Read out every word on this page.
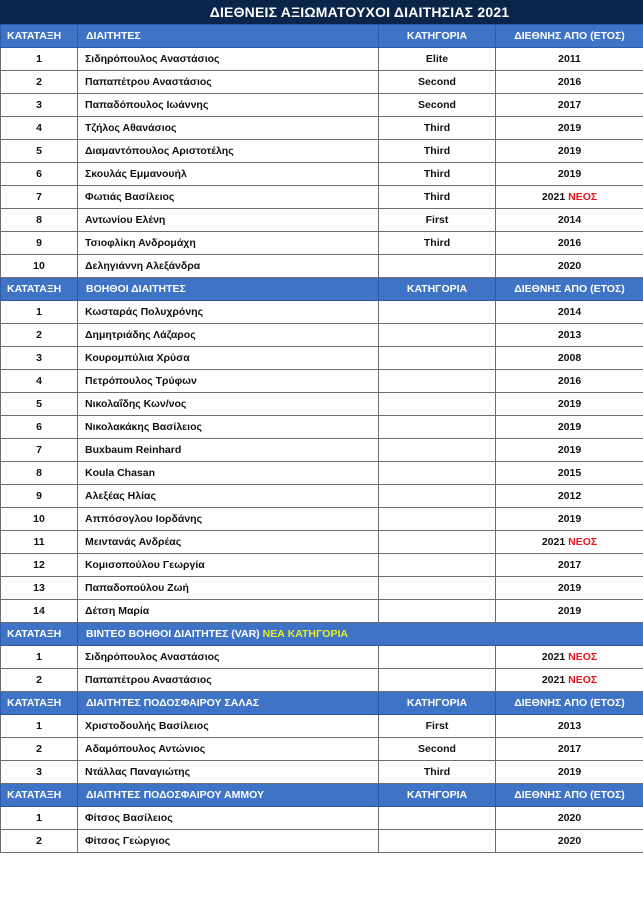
ΔΙΕΘΝΕΙΣ ΑΞΙΩΜΑΤΟΥΧΟΙ ΔΙΑΙΤΗΣΙΑΣ 2021
ΚΑΤΑΤΑΞΗ	ΔΙΑΙΤΗΤΕΣ	ΚΑΤΗΓΟΡΙΑ	ΔΙΕΘΝΗΣ ΑΠΟ (ΕΤΟΣ)
1	Σιδηρόπουλος Αναστάσιος	Elite	2011
2	Παπαπέτρου Αναστάσιος	Second	2016
3	Παπαδόπουλος Ιωάννης	Second	2017
4	Τζήλος Αθανάσιος	Third	2019
5	Διαμαντόπουλος Αριστοτέλης	Third	2019
6	Σκουλάς Εμμανουήλ	Third	2019
7	Φωτιάς Βασίλειος	Third	2021 ΝΕΟΣ
8	Αντωνίου Ελένη	First	2014
9	Τσιοφλίκη Ανδρομάχη	Third	2016
10	Δεληγιάννη Αλεξάνδρα		2020
ΚΑΤΑΤΑΞΗ	ΒΟΗΘΟΙ ΔΙΑΙΤΗΤΕΣ	ΚΑΤΗΓΟΡΙΑ	ΔΙΕΘΝΗΣ ΑΠΟ (ΕΤΟΣ)
1	Κωσταράς Πολυχρόνης		2014
2	Δημητριάδης Λάζαρος		2013
3	Κουρομπύλια Χρύσα		2008
4	Πετρόπουλος Τρύφων		2016
5	Νικολαΐδης Κων/νος		2019
6	Νικολακάκης Βασίλειος		2019
7	Buxbaum Reinhard		2019
8	Koula Chasan		2015
9	Αλεξέας Ηλίας		2012
10	Αππόσογλου Ιορδάνης		2019
11	Μειντανάς Ανδρέας		2021 ΝΕΟΣ
12	Κομισοπούλου Γεωργία		2017
13	Παπαδοπούλου Ζωή		2019
14	Δέτση Μαρία		2019
ΚΑΤΑΤΑΞΗ	ΒΙΝΤΕΟ ΒΟΗΘΟΙ ΔΙΑΙΤΗΤΕΣ (VAR) ΝΕΑ ΚΑΤΗΓΟΡΙΑ		
1	Σιδηρόπουλος Αναστάσιος		2021 ΝΕΟΣ
2	Παπαπέτρου Αναστάσιος		2021 ΝΕΟΣ
ΚΑΤΑΤΑΞΗ	ΔΙΑΙΤΗΤΕΣ ΠΟΔΟΣΦΑΙΡΟΥ ΣΑΛΑΣ	ΚΑΤΗΓΟΡΙΑ	ΔΙΕΘΝΗΣ ΑΠΟ (ΕΤΟΣ)
1	Χριστοδουλής Βασίλειος	First	2013
2	Αδαμόπουλος Αντώνιος	Second	2017
3	Ντάλλας Παναγιώτης	Third	2019
ΚΑΤΑΤΑΞΗ	ΔΙΑΙΤΗΤΕΣ ΠΟΔΟΣΦΑΙΡΟΥ ΑΜΜΟΥ	ΚΑΤΗΓΟΡΙΑ	ΔΙΕΘΝΗΣ ΑΠΟ (ΕΤΟΣ)
1	Φίτσος Βασίλειος		2020
2	Φίτσος Γεώργιος		2020
